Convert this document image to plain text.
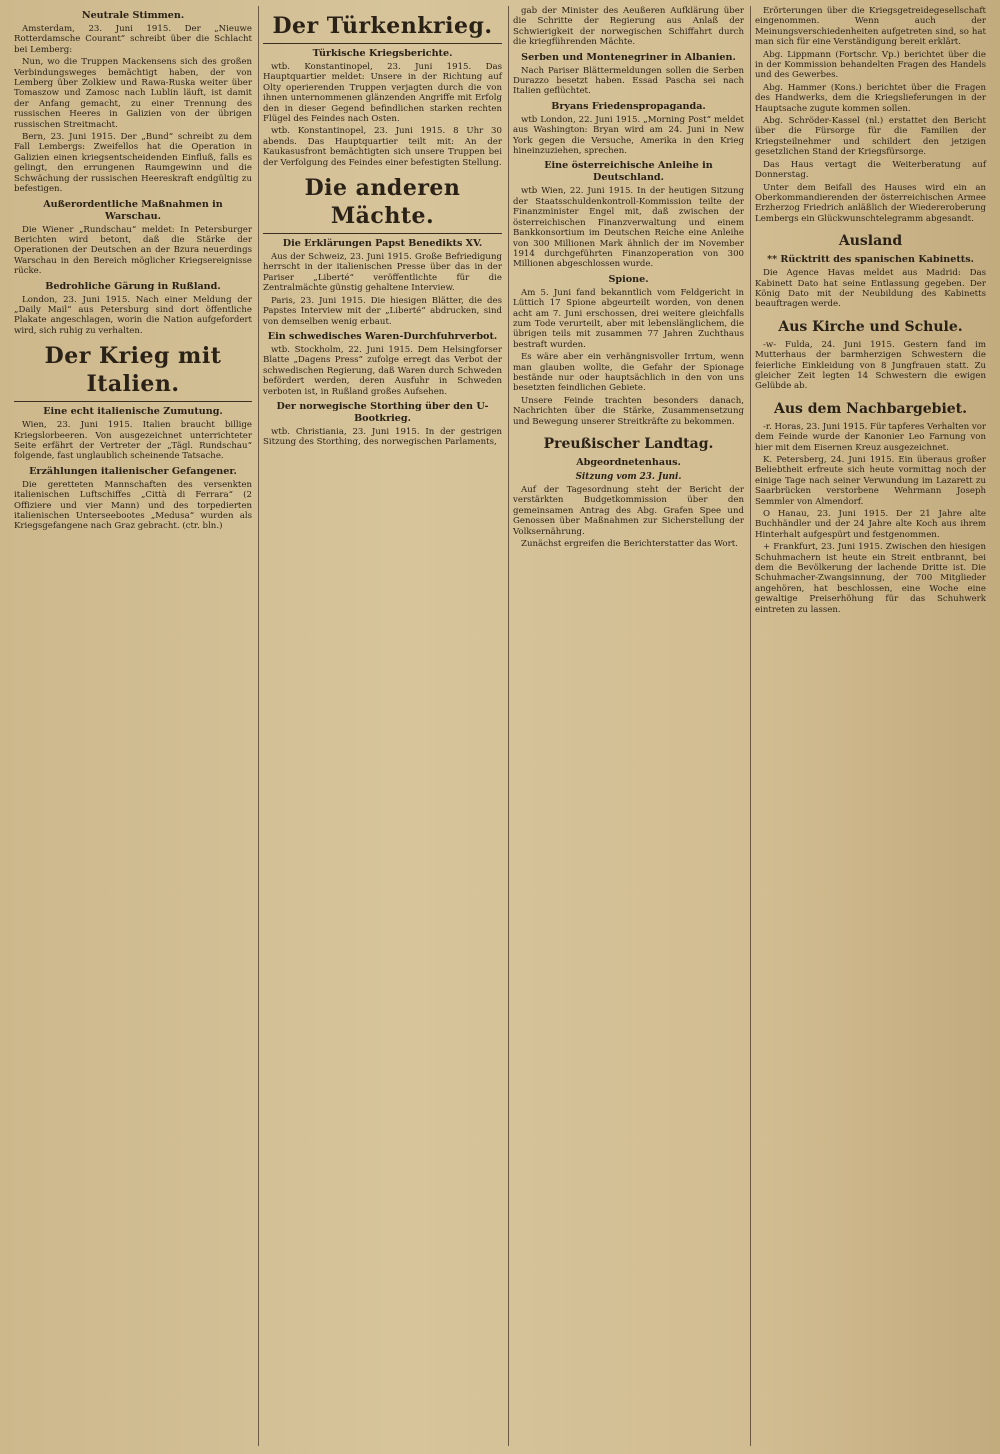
Neutrale Stimmen.

Amsterdam, 23. Juni 1915. Der „Nieuwe Rotterdamsche Courant“ schreibt über die Schlacht bei Lemberg:

Nun, wo die Truppen Mackensens sich des großen Verbindungsweges bemächtigt haben, der von Lemberg über Zolkiew und Rawa-Ruska weiter über Tomaszow und Zamosc nach Lublin läuft, ist damit der Anfang gemacht, zu einer Trennung des russischen Heeres in Galizien von der übrigen russischen Streitmacht.

Bern, 23. Juni 1915. Der „Bund“ schreibt zu dem Fall Lembergs: Zweifellos hat die Operation in Galizien einen kriegsentscheidenden Einfluß, falls es gelingt, den errungenen Raumgewinn und die Schwächung der russischen Heereskraft endgültig zu befestigen.

Außerordentliche Maßnahmen in Warschau.

Die Wiener „Rundschau“ meldet: In Petersburger Berichten wird betont, daß die Stärke der Operationen der Deutschen an der Bzura neuerdings Warschau in den Bereich möglicher Kriegsereignisse rücke.

Bedrohliche Gärung in Rußland.

London, 23. Juni 1915. Nach einer Meldung der „Daily Mail“ aus Petersburg sind dort öffentliche Plakate angeschlagen, worin die Nation aufgefordert wird, sich ruhig zu verhalten.

Der Krieg mit Italien.
Eine echt italienische Zumutung.

Wien, 23. Juni 1915. Italien braucht billige Kriegslorbeeren. Von ausgezeichnet unterrichteter Seite erfährt der Vertreter der „Tägl. Rundschau“ folgende, fast unglaublich scheinende Tatsache.

Erzählungen italienischer Gefangener.

Die geretteten Mannschaften des versenkten italienischen Luftschiffes „Città di Ferrara“ (2 Offiziere und vier Mann) und des torpedierten italienischen Unterseebootes „Medusa“ wurden als Kriegsgefangene nach Graz gebracht. (ctr. bln.)

Der Türkenkrieg.
Türkische Kriegsberichte.

wtb. Konstantinopel, 23. Juni 1915. Das Hauptquartier meldet: Unsere in der Richtung auf Olty operierenden Truppen verjagten durch die von ihnen unternommenen glänzenden Angriffe mit Erfolg den in dieser Gegend befindlichen starken rechten Flügel des Feindes nach Osten.

wtb. Konstantinopel, 23. Juni 1915. 8 Uhr 30 abends. Das Hauptquartier teilt mit: An der Kaukasusfront bemächtigten sich unsere Truppen bei der Verfolgung des Feindes einer befestigten Stellung.

Die anderen Mächte.
Die Erklärungen Papst Benedikts XV.

Aus der Schweiz, 23. Juni 1915. Große Befriedigung herrscht in der italienischen Presse über das in der Pariser „Liberté“ veröffentlichte für die Zentralmächte günstig gehaltene Interview.

Paris, 23. Juni 1915. Die hiesigen Blätter, die des Papstes Interview mit der „Liberté“ abdrucken, sind von demselben wenig erbaut.

Ein schwedisches Waren-Durchfuhrverbot.

wtb. Stockholm, 22. Juni 1915. Dem Helsingforser Blatte „Dagens Press“ zufolge erregt das Verbot der schwedischen Regierung, daß Waren durch Schweden befördert werden, deren Ausfuhr in Schweden verboten ist, in Rußland großes Aufsehen.

Der norwegische Storthing über den U-Bootkrieg.

wtb. Christiania, 23. Juni 1915. In der gestrigen Sitzung des Storthing, des norwegischen Parlaments,

gab der Minister des Aeußeren Aufklärung über die Schritte der Regierung aus Anlaß der Schwierigkeit der norwegischen Schiffahrt durch die kriegführenden Mächte.

Serben und Montenegriner in Albanien.

Nach Pariser Blättermeldungen sollen die Serben Durazzo besetzt haben. Essad Pascha sei nach Italien geflüchtet.

Bryans Friedenspropaganda.

wtb London, 22. Juni 1915. „Morning Post“ meldet aus Washington: Bryan wird am 24. Juni in New York gegen die Versuche, Amerika in den Krieg hineinzuziehen, sprechen.

Eine österreichische Anleihe in Deutschland.

wtb Wien, 22. Juni 1915. In der heutigen Sitzung der Staatsschuldenkontroll-Kommission teilte der Finanzminister Engel mit, daß zwischen der österreichischen Finanzverwaltung und einem Bankkonsortium im Deutschen Reiche eine Anleihe von 300 Millionen Mark ähnlich der im November 1914 durchgeführten Finanzoperation von 300 Millionen abgeschlossen wurde.

Spione.

Am 5. Juni fand bekanntlich vom Feldgericht in Lüttich 17 Spione abgeurteilt worden, von denen acht am 7. Juni erschossen, drei weitere gleichfalls zum Tode verurteilt, aber mit lebenslänglichem, die übrigen teils mit zusammen 77 Jahren Zuchthaus bestraft wurden.

Es wäre aber ein verhängnisvoller Irrtum, wenn man glauben wollte, die Gefahr der Spionage bestände nur oder hauptsächlich in den von uns besetzten feindlichen Gebiete.

Unsere Feinde trachten besonders danach, Nachrichten über die Stärke, Zusammensetzung und Bewegung unserer Streitkräfte zu bekommen.

Preußischer Landtag.
Abgeordnetenhaus.
Sitzung vom 23. Juni.

Auf der Tagesordnung steht der Bericht der verstärkten Budgetkommission über den gemeinsamen Antrag des Abg. Grafen Spee und Genossen über Maßnahmen zur Sicherstellung der Volksernährung.

Zunächst ergreifen die Berichterstatter das Wort.

Erörterungen über die Kriegsgetreidegesellschaft eingenommen. Wenn auch der Meinungsverschiedenheiten aufgetreten sind, so hat man sich für eine Verständigung bereit erklärt.

Abg. Lippmann (Fortschr. Vp.) berichtet über die in der Kommission behandelten Fragen des Handels und des Gewerbes.

Abg. Hammer (Kons.) berichtet über die Fragen des Handwerks, dem die Kriegslieferungen in der Hauptsache zugute kommen sollen.

Abg. Schröder-Kassel (nl.) erstattet den Bericht über die Fürsorge für die Familien der Kriegsteilnehmer und schildert den jetzigen gesetzlichen Stand der Kriegsfürsorge.

Das Haus vertagt die Weiterberatung auf Donnerstag.

Unter dem Beifall des Hauses wird ein an Oberkommandierenden der österreichischen Armee Erzherzog Friedrich anläßlich der Wiedereroberung Lembergs ein Glückwunschtelegramm abgesandt.

Ausland
** Rücktritt des spanischen Kabinetts.

Die Agence Havas meldet aus Madrid: Das Kabinett Dato hat seine Entlassung gegeben. Der König Dato mit der Neubildung des Kabinetts beauftragen werde.

Aus Kirche und Schule.

-w- Fulda, 24. Juni 1915. Gestern fand im Mutterhaus der barmherzigen Schwestern die feierliche Einkleidung von 8 Jungfrauen statt. Zu gleicher Zeit legten 14 Schwestern die ewigen Gelübde ab.

Aus dem Nachbargebiet.

-r. Horas, 23. Juni 1915. Für tapferes Verhalten vor dem Feinde wurde der Kanonier Leo Farnung von hier mit dem Eisernen Kreuz ausgezeichnet.

K. Petersberg, 24. Juni 1915. Ein überaus großer Beliebtheit erfreute sich heute vormittag noch der einige Tage nach seiner Verwundung im Lazarett zu Saarbrücken verstorbene Wehrmann Joseph Semmler von Almendorf.

O Hanau, 23. Juni 1915. Der 21 Jahre alte Buchhändler und der 24 Jahre alte Koch aus ihrem Hinterhalt aufgespürt und festgenommen.

+ Frankfurt, 23. Juni 1915. Zwischen den hiesigen Schuhmachern ist heute ein Streit entbrannt, bei dem die Bevölkerung der lachende Dritte ist. Die Schuhmacher-Zwangsinnung, der 700 Mitglieder angehören, hat beschlossen, eine Woche eine gewaltige Preiserhöhung für das Schuhwerk eintreten zu lassen.
